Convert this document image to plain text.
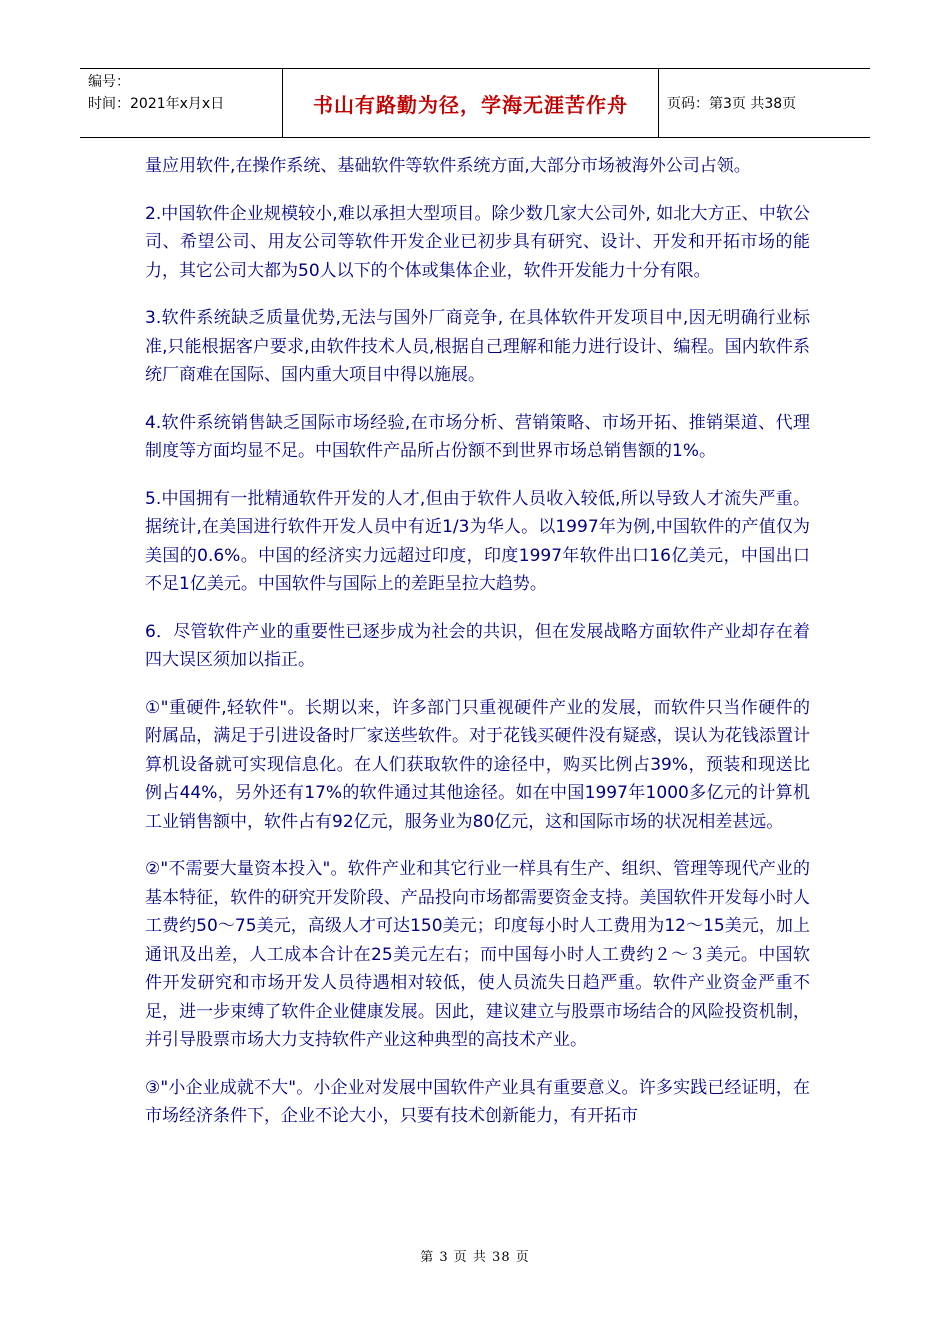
编号：
时间：2021年x月x日	书山有路勤为径，学海无涯苦作舟	页码：第3页 共38页

量应用软件,在操作系统、基础软件等软件系统方面,大部分市场被海外公司占领。

2.中国软件企业规模较小,难以承担大型项目。除少数几家大公司外, 如北大方正、中软公司、希望公司、用友公司等软件开发企业已初步具有研究、设计、开发和开拓市场的能力，其它公司大都为50人以下的个体或集体企业，软件开发能力十分有限。

3.软件系统缺乏质量优势,无法与国外厂商竞争, 在具体软件开发项目中,因无明确行业标准,只能根据客户要求,由软件技术人员,根据自己理解和能力进行设计、编程。国内软件系统厂商难在国际、国内重大项目中得以施展。

4.软件系统销售缺乏国际市场经验,在市场分析、营销策略、市场开拓、推销渠道、代理制度等方面均显不足。中国软件产品所占份额不到世界市场总销售额的1%。

5.中国拥有一批精通软件开发的人才,但由于软件人员收入较低,所以导致人才流失严重。据统计,在美国进行软件开发人员中有近1/3为华人。以1997年为例,中国软件的产值仅为美国的0.6%。中国的经济实力远超过印度，印度1997年软件出口16亿美元，中国出口不足1亿美元。中国软件与国际上的差距呈拉大趋势。

6．尽管软件产业的重要性已逐步成为社会的共识，但在发展战略方面软件产业却存在着四大误区须加以指正。

①"重硬件,轻软件"。长期以来，许多部门只重视硬件产业的发展，而软件只当作硬件的附属品，满足于引进设备时厂家送些软件。对于花钱买硬件没有疑惑，误认为花钱添置计算机设备就可实现信息化。在人们获取软件的途径中，购买比例占39%，预装和现送比例占44%，另外还有17%的软件通过其他途径。如在中国1997年1000多亿元的计算机工业销售额中，软件占有92亿元，服务业为80亿元，这和国际市场的状况相差甚远。

②"不需要大量资本投入"。软件产业和其它行业一样具有生产、组织、管理等现代产业的基本特征，软件的研究开发阶段、产品投向市场都需要资金支持。美国软件开发每小时人工费约50～75美元，高级人才可达150美元；印度每小时人工费用为12～15美元，加上通讯及出差，人工成本合计在25美元左右；而中国每小时人工费约２～３美元。中国软件开发研究和市场开发人员待遇相对较低，使人员流失日趋严重。软件产业资金严重不足，进一步束缚了软件企业健康发展。因此，建议建立与股票市场结合的风险投资机制，并引导股票市场大力支持软件产业这种典型的高技术产业。

③"小企业成就不大"。小企业对发展中国软件产业具有重要意义。许多实践已经证明，在市场经济条件下，企业不论大小，只要有技术创新能力，有开拓市

第 3 页 共 38 页
